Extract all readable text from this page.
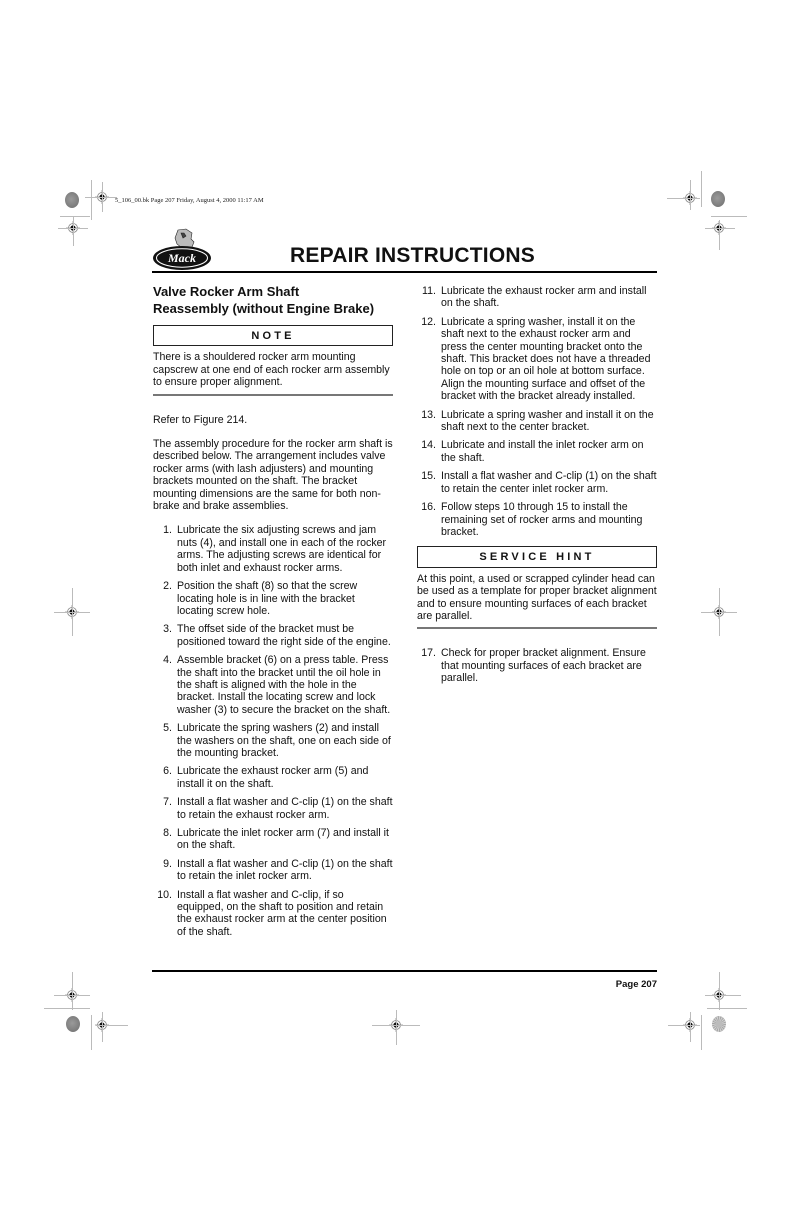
5_106_00.bk Page 207 Friday, August 4, 2000 11:17 AM
Mack	REPAIR INSTRUCTIONS
Valve Rocker Arm Shaft
Reassembly (without Engine Brake)
NOTE
There is a shouldered rocker arm mounting capscrew at one end of each rocker arm assembly to ensure proper alignment.

Refer to Figure 214.

The assembly procedure for the rocker arm shaft is described below. The arrangement includes valve rocker arms (with lash adjusters) and mounting brackets mounted on the shaft. The bracket mounting dimensions are the same for both non-brake and brake assemblies.

1. Lubricate the six adjusting screws and jam nuts (4), and install one in each of the rocker arms. The adjusting screws are identical for both inlet and exhaust rocker arms.
2. Position the shaft (8) so that the screw locating hole is in line with the bracket locating screw hole.
3. The offset side of the bracket must be positioned toward the right side of the engine.
4. Assemble bracket (6) on a press table. Press the shaft into the bracket until the oil hole in the shaft is aligned with the hole in the bracket. Install the locating screw and lock washer (3) to secure the bracket on the shaft.
5. Lubricate the spring washers (2) and install the washers on the shaft, one on each side of the mounting bracket.
6. Lubricate the exhaust rocker arm (5) and install it on the shaft.
7. Install a flat washer and C-clip (1) on the shaft to retain the exhaust rocker arm.
8. Lubricate the inlet rocker arm (7) and install it on the shaft.
9. Install a flat washer and C-clip (1) on the shaft to retain the inlet rocker arm.
10. Install a flat washer and C-clip, if so equipped, on the shaft to position and retain the exhaust rocker arm at the center position of the shaft.
11. Lubricate the exhaust rocker arm and install on the shaft.
12. Lubricate a spring washer, install it on the shaft next to the exhaust rocker arm and press the center mounting bracket onto the shaft. This bracket does not have a threaded hole on top or an oil hole at bottom surface. Align the mounting surface and offset of the bracket with the bracket already installed.
13. Lubricate a spring washer and install it on the shaft next to the center bracket.
14. Lubricate and install the inlet rocker arm on the shaft.
15. Install a flat washer and C-clip (1) on the shaft to retain the center inlet rocker arm.
16. Follow steps 10 through 15 to install the remaining set of rocker arms and mounting bracket.
SERVICE HINT
At this point, a used or scrapped cylinder head can be used as a template for proper bracket alignment and to ensure mounting surfaces of each bracket are parallel.
17. Check for proper bracket alignment. Ensure that mounting surfaces of each bracket are parallel.
Page 207
